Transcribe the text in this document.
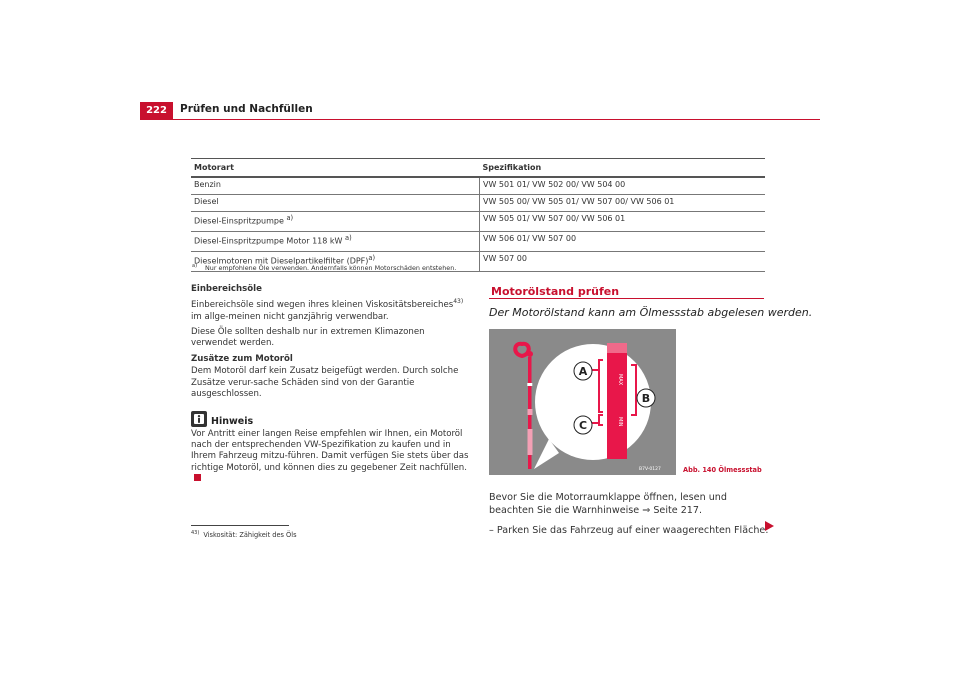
222	Prüfen und Nachfüllen
Motorart	Spezifikation
Benzin	VW 501 01/ VW 502 00/ VW 504 00
Diesel	VW 505 00/ VW 505 01/ VW 507 00/ VW 506 01
Diesel-Einspritzpumpe $^{a)}$	VW 505 01/ VW 507 00/ VW 506 01
Diesel-Einspritzpumpe Motor 118 kW $^{a)}$	VW 506 01/ VW 507 00
Dieselmotoren mit Dieselpartikelfilter (DPF)$^{a)}$	VW 507 00
$^{a)}$ Nur empfohlene Öle verwenden. Andernfalls können Motorschäden entstehen.

Einbereichsöle

Einbereichsöle sind wegen ihres kleinen Viskositätsbereiches$^{43)}$ im allge-meinen nicht ganzjährig verwendbar.

Diese Öle sollten deshalb nur in extremen Klimazonen verwendet werden.

Zusätze zum Motoröl

Dem Motoröl darf kein Zusatz beigefügt werden. Durch solche Zusätze verur-sache Schäden sind von der Garantie ausgeschlossen.

Hinweis

Vor Antritt einer langen Reise empfehlen wir Ihnen, ein Motoröl nach der entsprechenden VW-Spezifikation zu kaufen und in Ihrem Fahrzeug mitzu-führen. Damit verfügen Sie stets über das richtige Motoröl, und können dies zu gegebener Zeit nachfüllen.

$^{43)}$ Viskosität: Zähigkeit des Öls
Motorölstand prüfen
Der Motorölstand kann am Ölmessstab abgelesen werden.
MAX
MIN
A
B
C
B7V-0127	Abb. 140 Ölmessstab

Bevor Sie die Motorraumklappe öffnen, lesen und beachten Sie die Warnhinweise ⇒ Seite 217.

– Parken Sie das Fahrzeug auf einer waagerechten Fläche.
